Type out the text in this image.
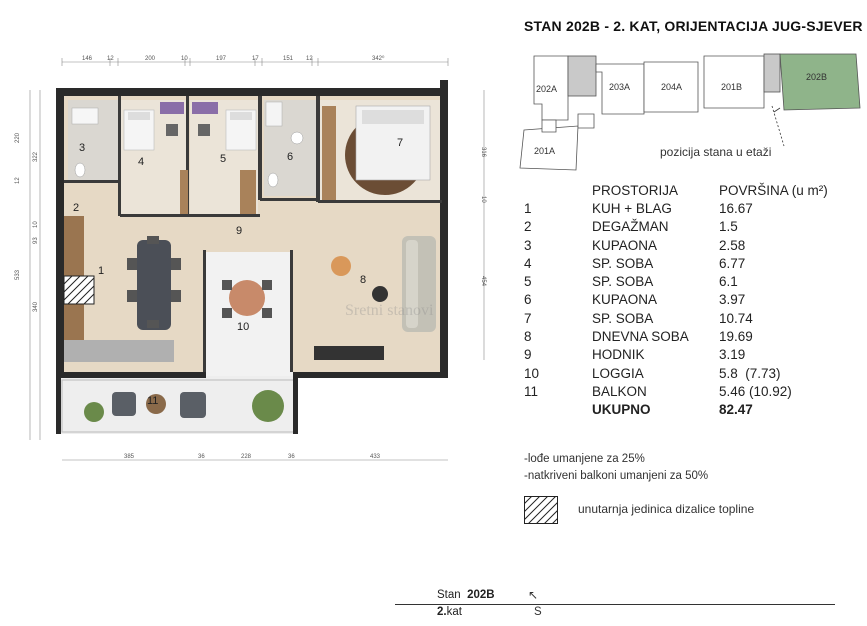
STAN 202B - 2. KAT, ORIJENTACIJA JUG-SJEVER
146 12	200	10	197	17	151 12	342⁰
220
322
12
10
93
533
340
316
10
454
385	36	228	36	433
1
2
3
4	5	6
7
8
9
10
11
Sretni stanovi
202A	203A	204A	201B
202B
201A	pozicija stana u etaži
	PROSTORIJA	POVRŠINA (u m²)
1	KUH + BLAG	16.67
2	DEGAŽMAN	1.5
3	KUPAONA	2.58
4	SP. SOBA	6.77
5	SP. SOBA	6.1
6	KUPAONA	3.97
7	SP. SOBA	10.74
8	DNEVNA SOBA	19.69
9	HODNIK	3.19
10	LOGGIA	5.8  (7.73)
11	BALKON	5.46 (10.92)
	UKUPNO	82.47
-lođe umanjene za 25%
-natkriveni balkoni umanjeni za 50%
unutarnja jedinica dizalice topline
Stan 202B
2.kat
↖
S
